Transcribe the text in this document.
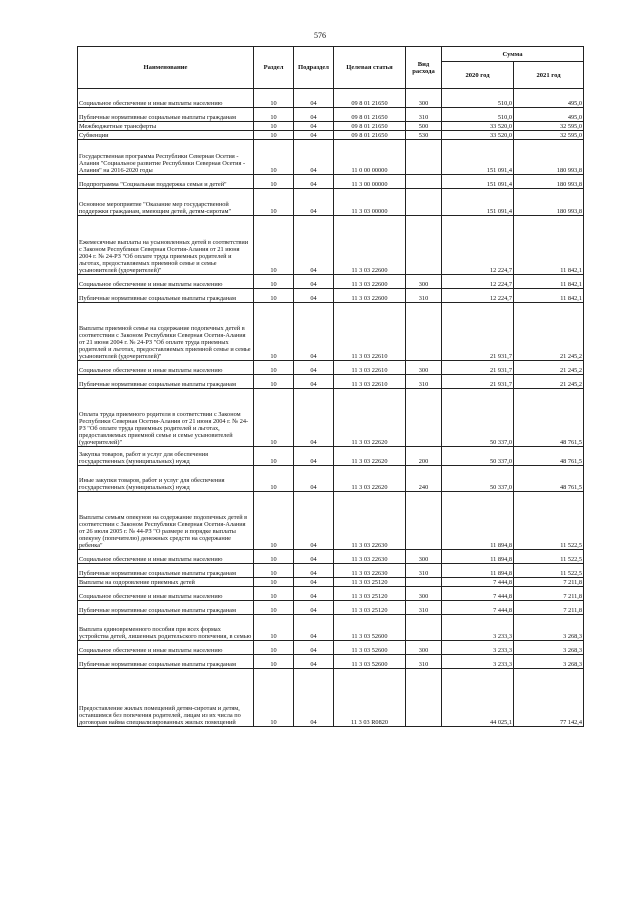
576
Наименование	Раздел	Подраздел	Целевая статья	Вид расхода	Сумма	
					2020 год	2021 год
Социальное обеспечение и иные выплаты населению	10	04	09 8 01 21650	300	510,0	495,0
Публичные нормативные социальные выплаты гражданам	10	04	09 8 01 21650	310	510,0	495,0
Межбюджетные трансферты	10	04	09 8 01 21650	500	33 520,0	32 595,0
Субвенции	10	04	09 8 01 21650	530	33 520,0	32 595,0
Государственная программа Республики Северная Осетия - Алания "Социальное развитие Республики Северная Осетия - Алания" на 2016-2020 годы	10	04	11 0 00 00000		151 091,4	180 993,8
Подпрограмма "Социальная поддержка семьи и детей"	10	04	11 3 00 00000		151 091,4	180 993,8
Основное мероприятие "Оказание мер государственной поддержки гражданам, имеющим детей, детям-сиротам"	10	04	11 3 03 00000		151 091,4	180 993,8
Ежемесячные выплаты на усыновленных детей в соответствии с Законом Республики Северная Осетия-Алания от 21 июня 2004 г. № 24-РЗ "Об оплате труда приемных родителей и льготах, предоставляемых приемной семье и семье усыновителей (удочерителей)"	10	04	11 3 03 22600		12 224,7	11 842,1
Социальное обеспечение и иные выплаты населению	10	04	11 3 03 22600	300	12 224,7	11 842,1
Публичные нормативные социальные выплаты гражданам	10	04	11 3 03 22600	310	12 224,7	11 842,1
Выплаты приемной семье на содержание подопечных детей в соответствии с Законом Республики Северная Осетия-Алания от 21 июня 2004 г. № 24-РЗ "Об оплате труда приемных родителей и льготах, предоставляемых приемной семье и семье усыновителей (удочерителей)"	10	04	11 3 03 22610		21 931,7	21 245,2
Социальное обеспечение и иные выплаты населению	10	04	11 3 03 22610	300	21 931,7	21 245,2
Публичные нормативные социальные выплаты гражданам	10	04	11 3 03 22610	310	21 931,7	21 245,2
Оплата труда приемного родителя в соответствии с Законом Республики Северная Осетия-Алания от 21 июня 2004 г. № 24-РЗ "Об оплате труда приемных родителей и льготах, предоставляемых приемной семье и семье усыновителей (удочерителей)"	10	04	11 3 03 22620		50 337,0	48 761,5
Закупка товаров, работ и услуг для обеспечения государственных (муниципальных) нужд	10	04	11 3 03 22620	200	50 337,0	48 761,5
Иные закупки товаров, работ и услуг для обеспечения государственных (муниципальных) нужд	10	04	11 3 03 22620	240	50 337,0	48 761,5
Выплаты семьям опекунов на содержание подопечных детей в соответствии с Законом Республики Северная Осетия-Алания от 26 июля 2005 г. № 44-РЗ "О размере и порядке выплаты опекуну (попечителю) денежных средств на содержание ребенка"	10	04	11 3 03 22630		11 894,8	11 522,5
Социальное обеспечение и иные выплаты населению	10	04	11 3 03 22630	300	11 894,8	11 522,5
Публичные нормативные социальные выплаты гражданам	10	04	11 3 03 22630	310	11 894,8	11 522,5
Выплаты на оздоровление приемных детей	10	04	11 3 03 25120		7 444,8	7 211,8
Социальное обеспечение и иные выплаты населению	10	04	11 3 03 25120	300	7 444,8	7 211,8
Публичные нормативные социальные выплаты гражданам	10	04	11 3 03 25120	310	7 444,8	7 211,8
Выплата единовременного пособия при всех формах устройства детей, лишенных родительского попечения, в семью	10	04	11 3 03 52600		3 233,3	3 268,3
Социальное обеспечение и иные выплаты населению	10	04	11 3 03 52600	300	3 233,3	3 268,3
Публичные нормативные социальные выплаты гражданам	10	04	11 3 03 52600	310	3 233,3	3 268,3
Предоставление жилых помещений детям-сиротам и детям, оставшимся без попечения родителей, лицам из их числа по договорам найма специализированных жилых помещений	10	04	11 3 03 R0820		44 025,1	77 142,4
